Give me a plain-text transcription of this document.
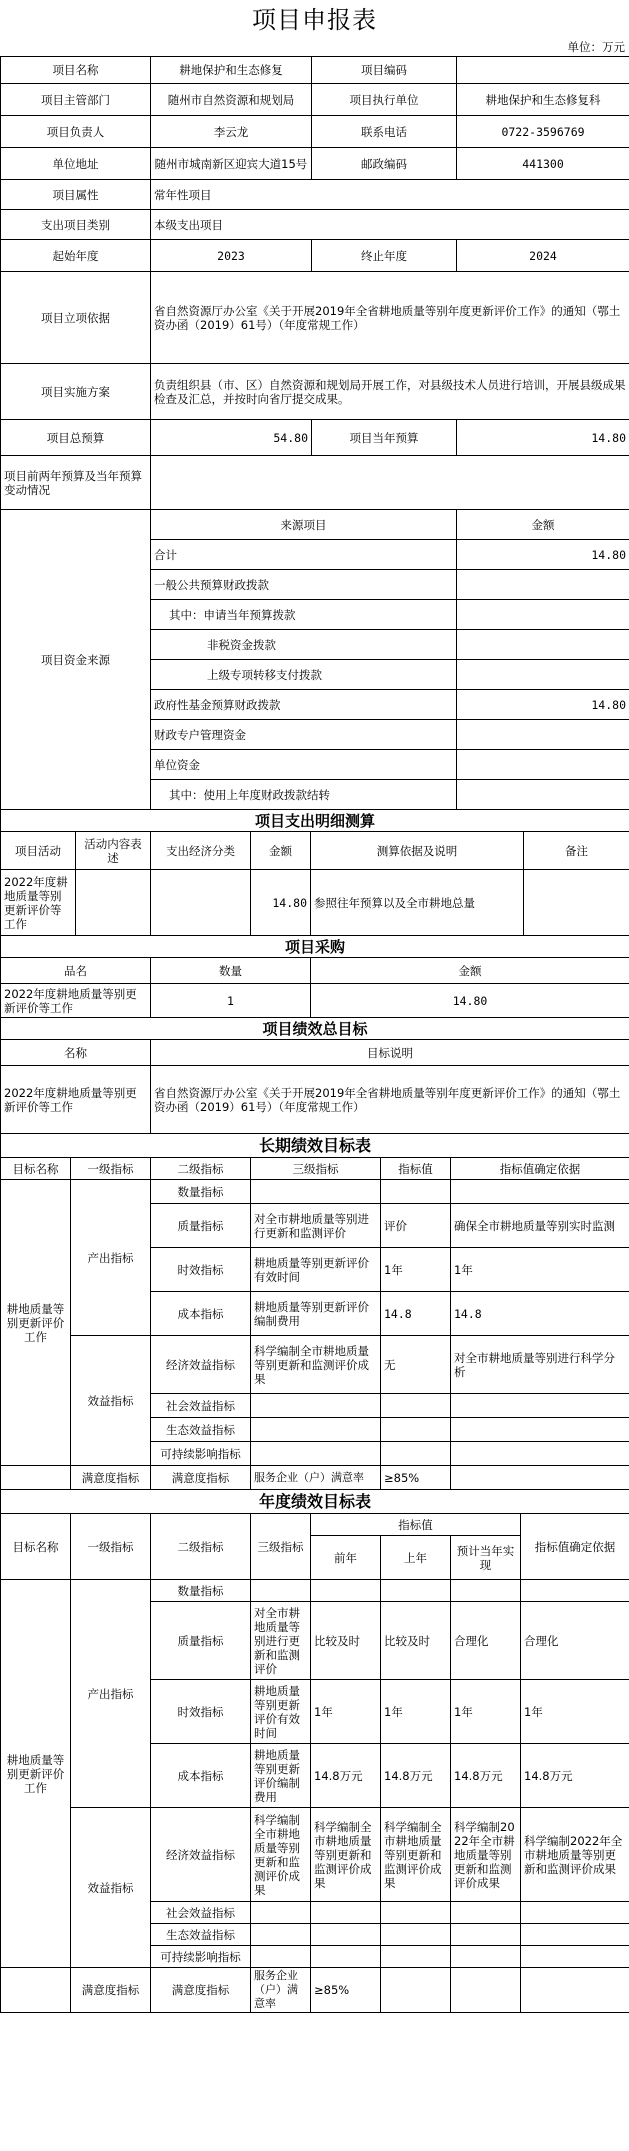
项目申报表
单位：万元
项目名称	耕地保护和生态修复	项目编码	
项目主管部门	随州市自然资源和规划局	项目执行单位	耕地保护和生态修复科
项目负责人	李云龙	联系电话	0722-3596769
单位地址	随州市城南新区迎宾大道15号	邮政编码	441300
项目属性	常年性项目		
支出项目类别	本级支出项目		
起始年度	2023	终止年度	2024
项目立项依据	省自然资源厅办公室《关于开展2019年全省耕地质量等别年度更新评价工作》的通知（鄂土资办函（2019）61号）（年度常规工作）		
项目实施方案	负责组织县（市、区）自然资源和规划局开展工作，对县级技术人员进行培训，开展县级成果检查及汇总，并按时向省厅提交成果。		
项目总预算	54.80	项目当年预算	14.80
项目前两年预算及当年预算变动情况			
项目资金来源	来源项目	金额
	合计	14.80
	一般公共预算财政拨款	
	其中：申请当年预算拨款	
	非税资金拨款	
	上级专项转移支付拨款	
	政府性基金预算财政拨款	14.80
	财政专户管理资金	
	单位资金	
	其中：使用上年度财政拨款结转	
项目支出明细测算					
项目活动	活动内容表述	支出经济分类	金额	测算依据及说明	备注
2022年度耕地质量等别更新评价等工作			14.80	参照往年预算以及全市耕地总量	
项目采购		
品名	数量	金额
2022年度耕地质量等别更新评价等工作	1	14.80
项目绩效总目标	
名称	目标说明
2022年度耕地质量等别更新评价等工作	省自然资源厅办公室《关于开展2019年全省耕地质量等别年度更新评价工作》的通知（鄂土资办函（2019）61号）（年度常规工作）
长期绩效目标表					
目标名称	一级指标	二级指标	三级指标	指标值	指标值确定依据
耕地质量等别更新评价工作	产出指标	数量指标			
		质量指标	对全市耕地质量等别进行更新和监测评价	评价	确保全市耕地质量等别实时监测
		时效指标	耕地质量等别更新评价有效时间	1年	1年
		成本指标	耕地质量等别更新评价编制费用	14.8	14.8
	效益指标	经济效益指标	科学编制全市耕地质量等别更新和监测评价成果	无	对全市耕地质量等别进行科学分析
		社会效益指标			
		生态效益指标			
		可持续影响指标			
	满意度指标	满意度指标	服务企业（户）满意率	≥85%	
年度绩效目标表							
目标名称	一级指标	二级指标	三级指标	指标值			指标值确定依据
				前年	上年	预计当年实现	
耕地质量等别更新评价工作	产出指标	数量指标					
		质量指标	对全市耕地质量等别进行更新和监测评价	比较及时	比较及时	合理化	合理化
		时效指标	耕地质量等别更新评价有效时间	1年	1年	1年	1年
		成本指标	耕地质量等别更新评价编制费用	14.8万元	14.8万元	14.8万元	14.8万元
	效益指标	经济效益指标	科学编制全市耕地质量等别更新和监测评价成果	科学编制全市耕地质量等别更新和监测评价成果	科学编制全市耕地质量等别更新和监测评价成果	科学编制2022年全市耕地质量等别更新和监测评价成果	科学编制2022年全市耕地质量等别更新和监测评价成果
		社会效益指标					
		生态效益指标					
		可持续影响指标					
	满意度指标	满意度指标	服务企业（户）满意率	≥85%			
